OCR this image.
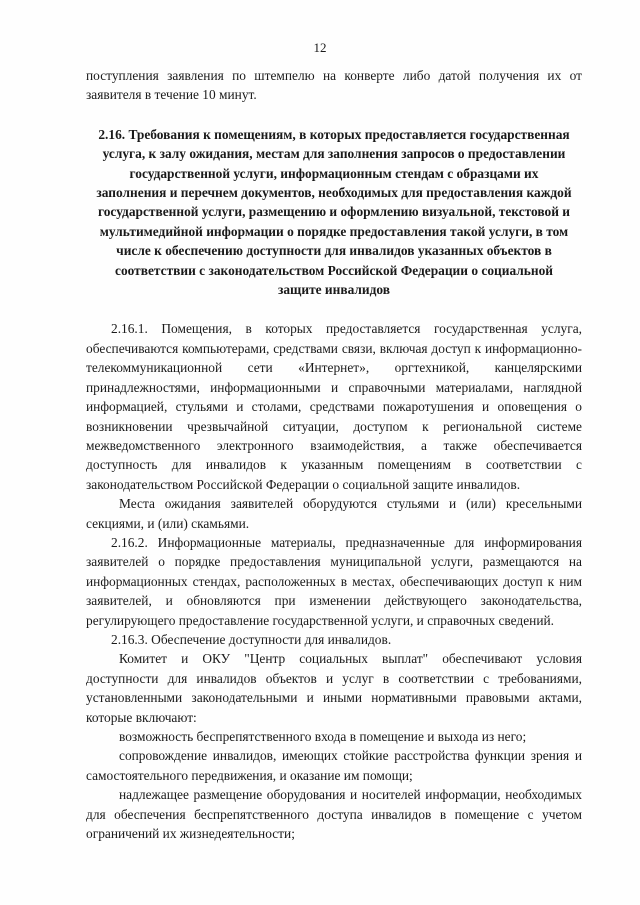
12

поступления заявления по штемпелю на конверте либо датой получения их от заявителя в течение 10 минут.

2.16. Требования к помещениям, в которых предоставляется государственная услуга, к залу ожидания, местам для заполнения запросов о предоставлении государственной услуги, информационным стендам с образцами их заполнения и перечнем документов, необходимых для предоставления каждой государственной услуги, размещению и оформлению визуальной, текстовой и мультимедийной информации о порядке предоставления такой услуги, в том числе к обеспечению доступности для инвалидов указанных объектов в соответствии с законодательством Российской Федерации о социальной защите инвалидов

2.16.1. Помещения, в которых предоставляется государственная услуга, обеспечиваются компьютерами, средствами связи, включая доступ к информационно-телекоммуникационной сети «Интернет», оргтехникой, канцелярскими принадлежностями, информационными и справочными материалами, наглядной информацией, стульями и столами, средствами пожаротушения и оповещения о возникновении чрезвычайной ситуации, доступом к региональной системе межведомственного электронного взаимодействия, а также обеспечивается доступность для инвалидов к указанным помещениям в соответствии с законодательством Российской Федерации о социальной защите инвалидов.

Места ожидания заявителей оборудуются стульями и (или) кресельными секциями, и (или) скамьями.

2.16.2. Информационные материалы, предназначенные для информирования заявителей о порядке предоставления муниципальной услуги, размещаются на информационных стендах, расположенных в местах, обеспечивающих доступ к ним заявителей, и обновляются при изменении действующего законодательства, регулирующего предоставление государственной услуги, и справочных сведений.

2.16.3. Обеспечение доступности для инвалидов.

Комитет и ОКУ "Центр социальных выплат" обеспечивают условия доступности для инвалидов объектов и услуг в соответствии с требованиями, установленными законодательными и иными нормативными правовыми актами, которые включают:

возможность беспрепятственного входа в помещение и выхода из него;

сопровождение инвалидов, имеющих стойкие расстройства функции зрения и самостоятельного передвижения, и оказание им помощи;

надлежащее размещение оборудования и носителей информации, необходимых для обеспечения беспрепятственного доступа инвалидов в помещение с учетом ограничений их жизнедеятельности;
